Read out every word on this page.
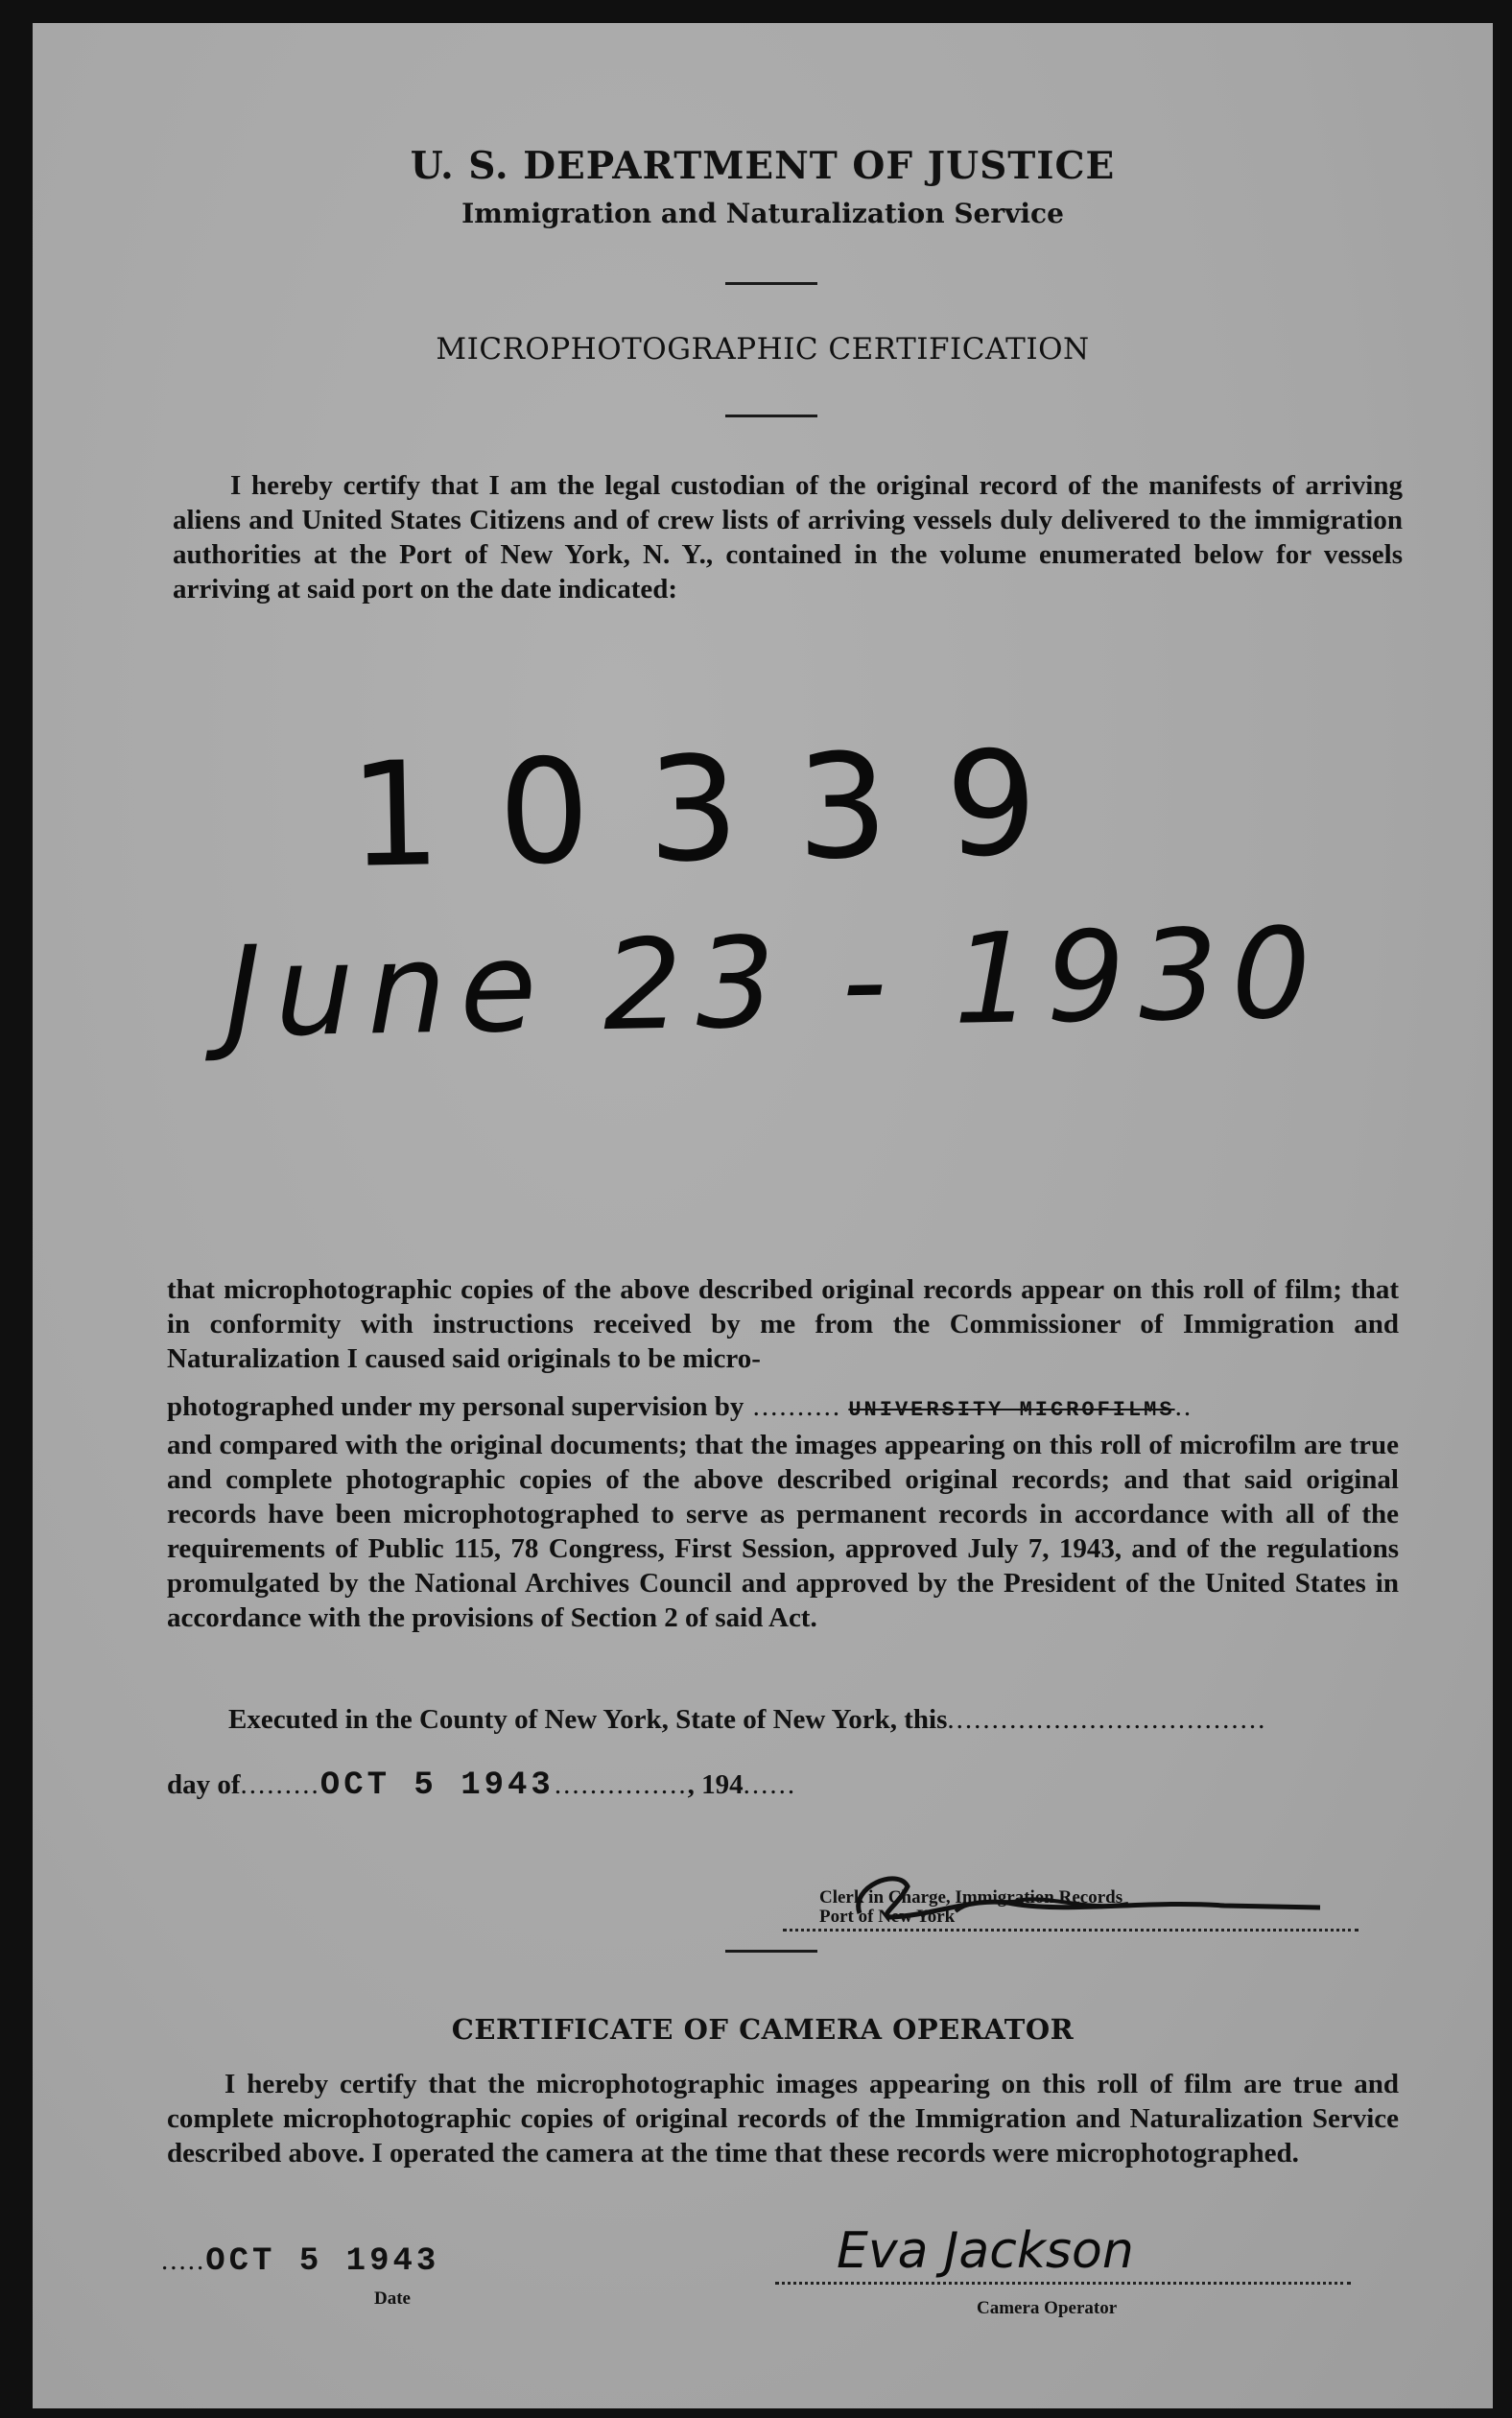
U. S. DEPARTMENT OF JUSTICE
Immigration and Naturalization Service
MICROPHOTOGRAPHIC CERTIFICATION
I hereby certify that I am the legal custodian of the original record of the manifests of arriving aliens and United States Citizens and of crew lists of arriving vessels duly delivered to the immigration authorities at the Port of New York, N. Y., contained in the volume enumerated below for vessels arriving at said port on the date indicated:
10339
June 23 - 1930
that microphotographic copies of the above described original records appear on this roll of film; that in conformity with instructions received by me from the Commissioner of Immigration and Naturalization I caused said originals to be micro-
photographed under my personal supervision by .......... UNIVERSITY MICROFILMS..
and compared with the original documents; that the images appearing on this roll of microfilm are true and complete photographic copies of the above described original records; and that said original records have been microphotographed to serve as permanent records in accordance with all of the requirements of Public 115, 78 Congress, First Session, approved July 7, 1943, and of the regulations promulgated by the National Archives Council and approved by the President of the United States in accordance with the provisions of Section 2 of said Act.
Executed in the County of New York, State of New York, this....................................
day of.........OCT 5 1943..............., 194......
Clerk in Charge, Immigration Records
Port of New York
CERTIFICATE OF CAMERA OPERATOR
I hereby certify that the microphotographic images appearing on this roll of film are true and complete microphotographic copies of original records of the Immigration and Naturalization Service described above. I operated the camera at the time that these records were microphotographed.
.....OCT 5 1943
Date
Eva Jackson
Camera Operator
